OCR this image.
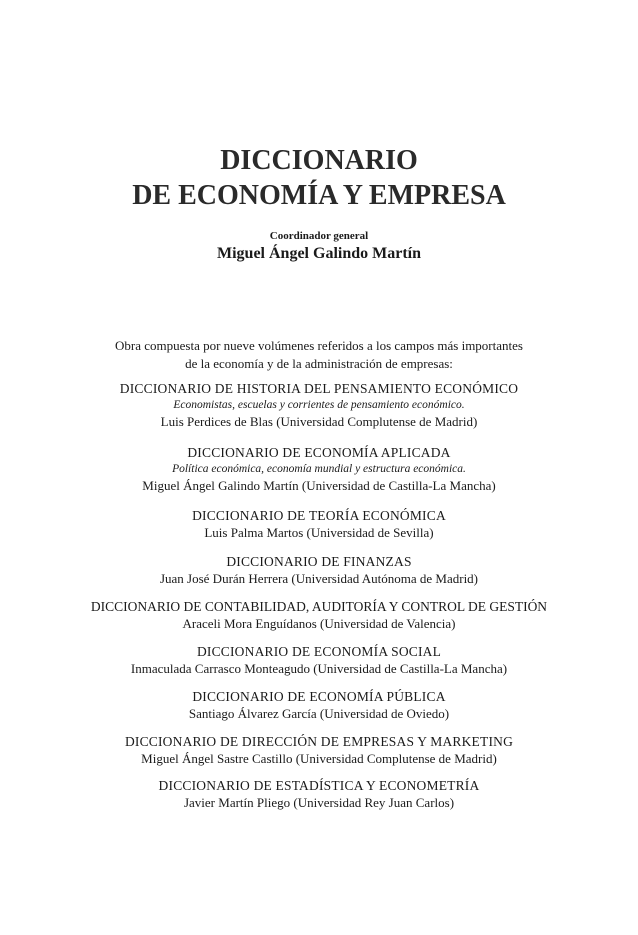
DICCIONARIO
DE ECONOMÍA Y EMPRESA
Coordinador general
Miguel Ángel Galindo Martín
Obra compuesta por nueve volúmenes referidos a los campos más importantes
de la economía y de la administración de empresas:
DICCIONARIO DE HISTORIA DEL PENSAMIENTO ECONÓMICO
Economistas, escuelas y corrientes de pensamiento económico.
Luis Perdices de Blas (Universidad Complutense de Madrid)
DICCIONARIO DE ECONOMÍA APLICADA
Política económica, economía mundial y estructura económica.
Miguel Ángel Galindo Martín (Universidad de Castilla-La Mancha)
DICCIONARIO DE TEORÍA ECONÓMICA
Luis Palma Martos (Universidad de Sevilla)
DICCIONARIO DE FINANZAS
Juan José Durán Herrera (Universidad Autónoma de Madrid)
DICCIONARIO DE CONTABILIDAD, AUDITORÍA Y CONTROL DE GESTIÓN
Araceli Mora Enguídanos (Universidad de Valencia)
DICCIONARIO DE ECONOMÍA SOCIAL
Inmaculada Carrasco Monteagudo (Universidad de Castilla-La Mancha)
DICCIONARIO DE ECONOMÍA PÚBLICA
Santiago Álvarez García (Universidad de Oviedo)
DICCIONARIO DE DIRECCIÓN DE EMPRESAS Y MARKETING
Miguel Ángel Sastre Castillo (Universidad Complutense de Madrid)
DICCIONARIO DE ESTADÍSTICA Y ECONOMETRÍA
Javier Martín Pliego (Universidad Rey Juan Carlos)
